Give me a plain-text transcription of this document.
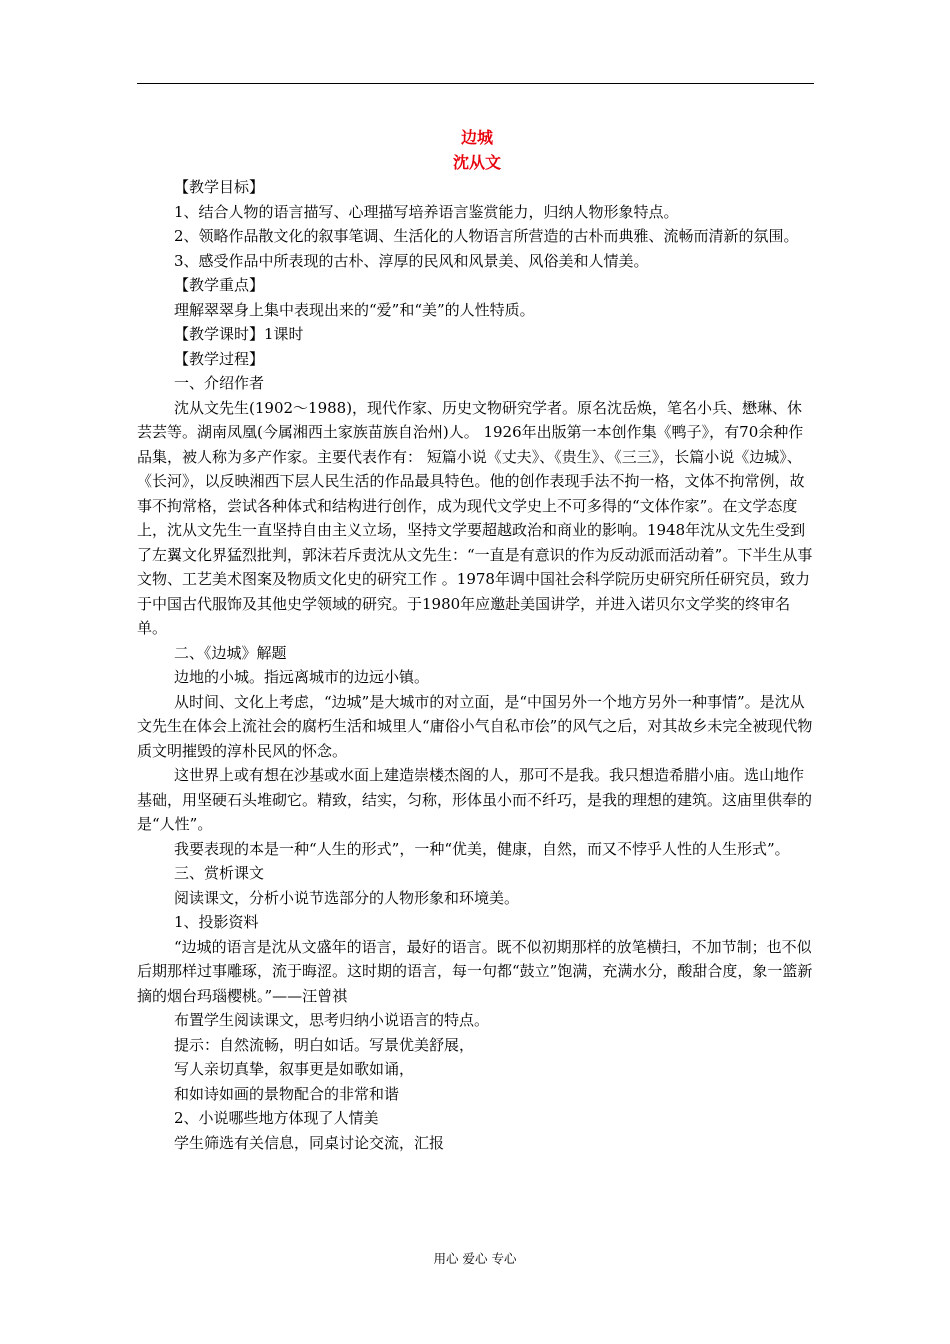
边城
沈从文

【教学目标】

1、结合人物的语言描写、心理描写培养语言鉴赏能力，归纳人物形象特点。

2、领略作品散文化的叙事笔调、生活化的人物语言所营造的古朴而典雅、流畅而清新的氛围。

3、感受作品中所表现的古朴、淳厚的民风和风景美、风俗美和人情美。

【教学重点】

理解翠翠身上集中表现出来的“爱”和“美”的人性特质。

【教学课时】1课时

【教学过程】

一、介绍作者

沈从文先生(1902～1988)，现代作家、历史文物研究学者。原名沈岳焕，笔名小兵、懋琳、休芸芸等。湖南凤凰(今属湘西土家族苗族自治州)人。 1926年出版第一本创作集《鸭子》，有70余种作品集，被人称为多产作家。主要代表作有： 短篇小说《丈夫》、《贵生》、《三三》，长篇小说《边城》、《长河》，以反映湘西下层人民生活的作品最具特色。他的创作表现手法不拘一格，文体不拘常例，故事不拘常格，尝试各种体式和结构进行创作，成为现代文学史上不可多得的“文体作家”。在文学态度上，沈从文先生一直坚持自由主义立场，坚持文学要超越政治和商业的影响。1948年沈从文先生受到了左翼文化界猛烈批判，郭沫若斥责沈从文先生：“一直是有意识的作为反动派而活动着”。下半生从事文物、工艺美术图案及物质文化史的研究工作 。1978年调中国社会科学院历史研究所任研究员，致力于中国古代服饰及其他史学领域的研究。于1980年应邀赴美国讲学，并进入诺贝尔文学奖的终审名单。

二、《边城》解题

边地的小城。指远离城市的边远小镇。

从时间、文化上考虑，“边城”是大城市的对立面，是“中国另外一个地方另外一种事情”。是沈从文先生在体会上流社会的腐朽生活和城里人“庸俗小气自私市侩”的风气之后，对其故乡未完全被现代物质文明摧毁的淳朴民风的怀念。

这世界上或有想在沙基或水面上建造崇楼杰阁的人，那可不是我。我只想造希腊小庙。选山地作基础，用坚硬石头堆砌它。精致，结实，匀称，形体虽小而不纤巧，是我的理想的建筑。这庙里供奉的是“人性”。

我要表现的本是一种“人生的形式”，一种“优美，健康，自然，而又不悖乎人性的人生形式”。

三、赏析课文

阅读课文，分析小说节选部分的人物形象和环境美。

1、投影资料

“边城的语言是沈从文盛年的语言，最好的语言。既不似初期那样的放笔横扫，不加节制；也不似后期那样过事雕琢，流于晦涩。这时期的语言，每一句都“鼓立”饱满，充满水分，酸甜合度，象一篮新摘的烟台玛瑙樱桃。”——汪曾祺

布置学生阅读课文，思考归纳小说语言的特点。

提示：自然流畅，明白如话。写景优美舒展，

写人亲切真挚，叙事更是如歌如诵，

和如诗如画的景物配合的非常和谐

2、小说哪些地方体现了人情美

学生筛选有关信息，同桌讨论交流，汇报

用心 爱心 专心
